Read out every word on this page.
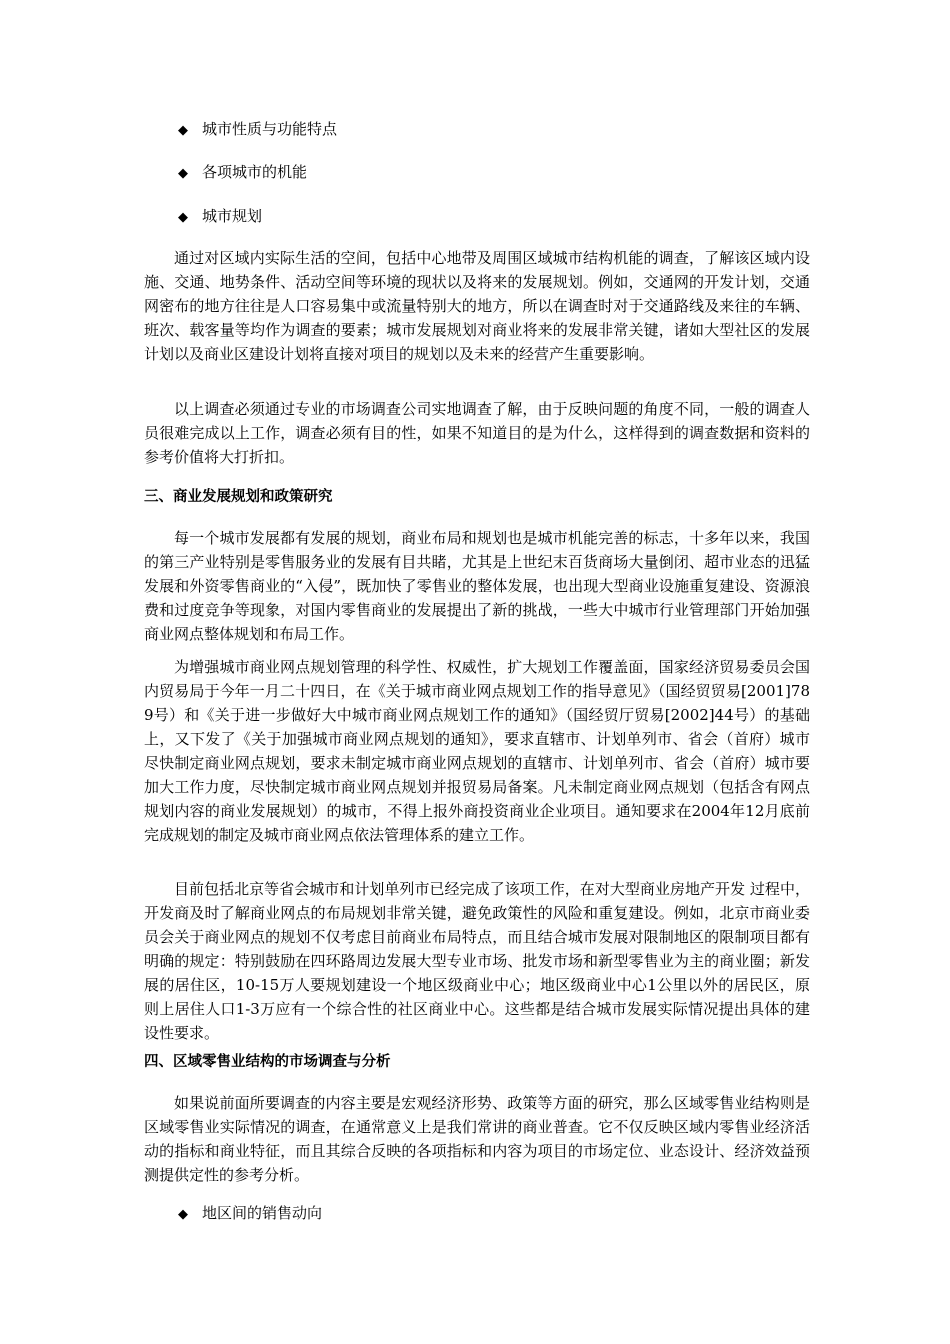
◆ 城市性质与功能特点
◆ 各项城市的机能
◆ 城市规划
通过对区域内实际生活的空间，包括中心地带及周围区域城市结构机能的调查，了解该区域内设施、交通、地势条件、活动空间等环境的现状以及将来的发展规划。例如，交通网的开发计划，交通网密布的地方往往是人口容易集中或流量特别大的地方，所以在调查时对于交通路线及来往的车辆、班次、载客量等均作为调查的要素；城市发展规划对商业将来的发展非常关键，诸如大型社区的发展计划以及商业区建设计划将直接对项目的规划以及未来的经营产生重要影响。
以上调查必须通过专业的市场调查公司实地调查了解，由于反映问题的角度不同，一般的调查人员很难完成以上工作，调查必须有目的性，如果不知道目的是为什么，这样得到的调查数据和资料的参考价值将大打折扣。
三、商业发展规划和政策研究
每一个城市发展都有发展的规划，商业布局和规划也是城市机能完善的标志，十多年以来，我国的第三产业特别是零售服务业的发展有目共睹，尤其是上世纪末百货商场大量倒闭、超市业态的迅猛发展和外资零售商业的“入侵”，既加快了零售业的整体发展，也出现大型商业设施重复建设、资源浪费和过度竞争等现象，对国内零售商业的发展提出了新的挑战，一些大中城市行业管理部门开始加强商业网点整体规划和布局工作。
为增强城市商业网点规划管理的科学性、权威性，扩大规划工作覆盖面，国家经济贸易委员会国内贸易局于今年一月二十四日，在《关于城市商业网点规划工作的指导意见》（国经贸贸易[2001]789号）和《关于进一步做好大中城市商业网点规划工作的通知》（国经贸厅贸易[2002]44号）的基础上，又下发了《关于加强城市商业网点规划的通知》，要求直辖市、计划单列市、省会（首府）城市尽快制定商业网点规划，要求未制定城市商业网点规划的直辖市、计划单列市、省会（首府）城市要加大工作力度，尽快制定城市商业网点规划并报贸易局备案。凡未制定商业网点规划（包括含有网点规划内容的商业发展规划）的城市，不得上报外商投资商业企业项目。通知要求在2004年12月底前完成规划的制定及城市商业网点依法管理体系的建立工作。
目前包括北京等省会城市和计划单列市已经完成了该项工作，在对大型商业房地产开发 过程中，开发商及时了解商业网点的布局规划非常关键，避免政策性的风险和重复建设。例如，北京市商业委员会关于商业网点的规划不仅考虑目前商业布局特点，而且结合城市发展对限制地区的限制项目都有明确的规定：特别鼓励在四环路周边发展大型专业市场、批发市场和新型零售业为主的商业圈；新发展的居住区，10-15万人要规划建设一个地区级商业中心；地区级商业中心1公里以外的居民区，原则上居住人口1-3万应有一个综合性的社区商业中心。这些都是结合城市发展实际情况提出具体的建设性要求。
四、区域零售业结构的市场调查与分析
如果说前面所要调查的内容主要是宏观经济形势、政策等方面的研究，那么区域零售业结构则是区域零售业实际情况的调查，在通常意义上是我们常讲的商业普查。它不仅反映区域内零售业经济活动的指标和商业特征，而且其综合反映的各项指标和内容为项目的市场定位、业态设计、经济效益预测提供定性的参考分析。
◆ 地区间的销售动向
